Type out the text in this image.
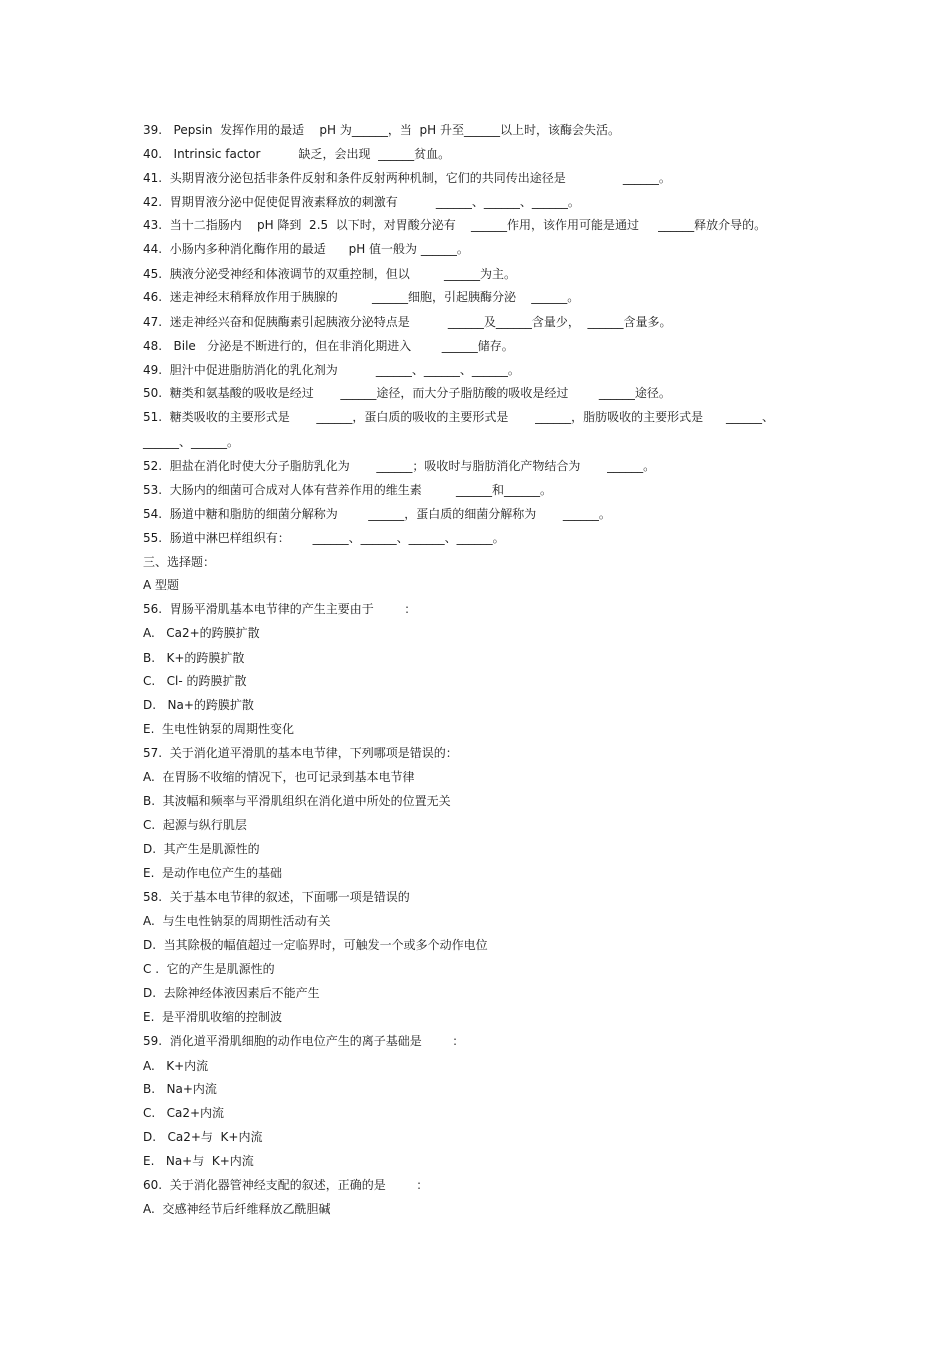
39.   Pepsin  发挥作用的最适    pH 为______，当  pH 升至______以上时，该酶会失活。
40.   Intrinsic factor          缺乏，会出现  ______贫血。
41.  头期胃液分泌包括非条件反射和条件反射两种机制，它们的共同传出途径是               ______。
42.  胃期胃液分泌中促使促胃液素释放的刺激有          ______、______、______。
43.  当十二指肠内    pH 降到  2.5  以下时，对胃酸分泌有    ______作用，该作用可能是通过     ______释放介导的。
44.  小肠内多种消化酶作用的最适      pH 值一般为 ______。
45.  胰液分泌受神经和体液调节的双重控制，但以         ______为主。
46.  迷走神经末稍释放作用于胰腺的         ______细胞，引起胰酶分泌    ______。
47.  迷走神经兴奋和促胰酶素引起胰液分泌特点是          ______及______含量少，  ______含量多。
48.   Bile   分泌是不断进行的，但在非消化期进入        ______储存。
49.  胆汁中促进脂肪消化的乳化剂为          ______、______、______。
50.  糖类和氨基酸的吸收是经过       ______途径，而大分子脂肪酸的吸收是经过        ______途径。
51.  糖类吸收的主要形式是       ______，蛋白质的吸收的主要形式是       ______，脂肪吸收的主要形式是      ______、
______、______。
52.  胆盐在消化时使大分子脂肪乳化为       ______；吸收时与脂肪消化产物结合为       ______。
53.  大肠内的细菌可合成对人体有营养作用的维生素         ______和______。
54.  肠道中糖和脂肪的细菌分解称为        ______，蛋白质的细菌分解称为       ______。
55.  肠道中淋巴样组织有：      ______、______、______、______。
三、选择题：
A 型题
56.  胃肠平滑肌基本电节律的产生主要由于        ：
A.   Ca2+的跨膜扩散
B.   K+的跨膜扩散
C.   Cl- 的跨膜扩散
D.   Na+的跨膜扩散
E.  生电性钠泵的周期性变化
57.  关于消化道平滑肌的基本电节律，下列哪项是错误的：
A.  在胃肠不收缩的情况下，也可记录到基本电节律
B.  其波幅和频率与平滑肌组织在消化道中所处的位置无关
C.  起源与纵行肌层
D.  其产生是肌源性的
E.  是动作电位产生的基础
58.  关于基本电节律的叙述，下面哪一项是错误的
A.  与生电性钠泵的周期性活动有关
D.  当其除极的幅值超过一定临界时，可触发一个或多个动作电位
C .  它的产生是肌源性的
D.  去除神经体液因素后不能产生
E.  是平滑肌收缩的控制波
59.  消化道平滑肌细胞的动作电位产生的离子基础是        ：
A.   K+内流
B.   Na+内流
C.   Ca2+内流
D.   Ca2+与  K+内流
E.   Na+与  K+内流
60.  关于消化器管神经支配的叙述，正确的是        ：
A.  交感神经节后纤维释放乙酰胆碱
